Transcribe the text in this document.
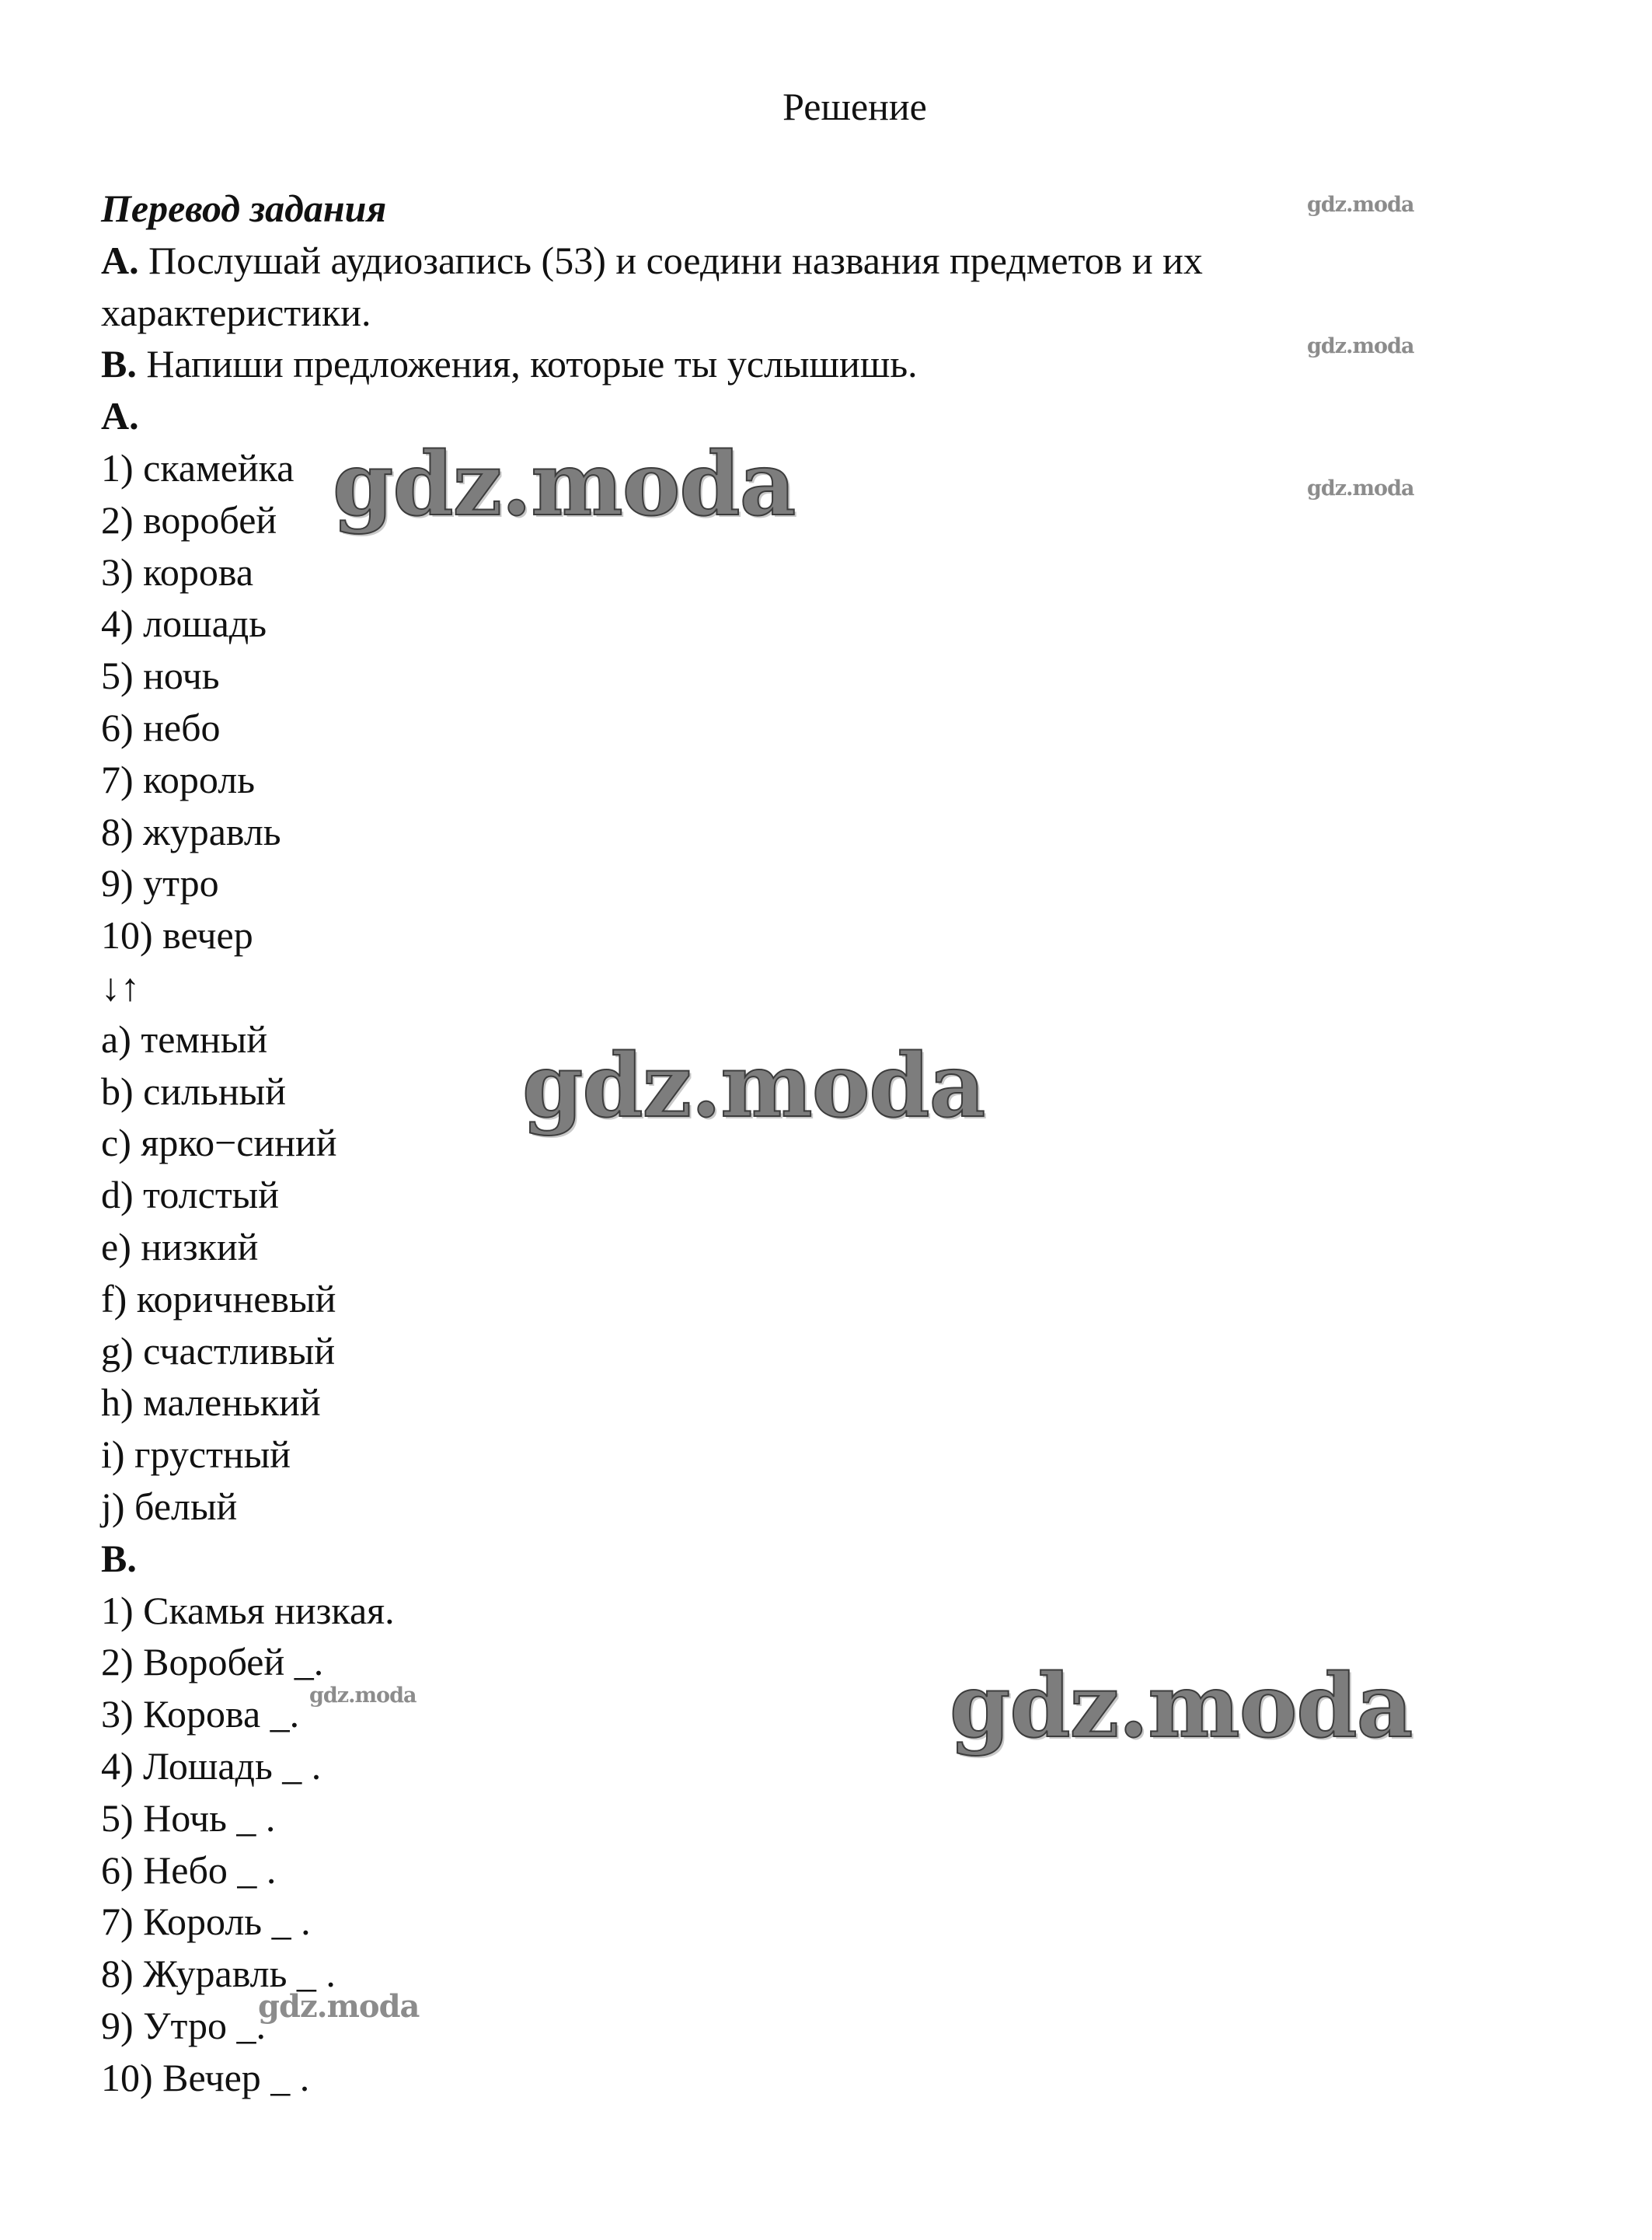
Решение
Перевод задания
A. Послушай аудиозапись (53) и соедини названия предметов и их характеристики.
B. Напиши предложения, которые ты услышишь.
A.
1) скамейка
2) воробей
3) корова
4) лошадь
5) ночь
6) небо
7) король
8) журавль
9) утро
10) вечер
↓↑
a) темный
b) сильный
c) ярко−синий
d) толстый
e) низкий
f) коричневый
g) счастливый
h) маленький
i) грустный
j) белый
B.
1) Скамья низкая.
2) Воробей _.
3) Корова _.
4) Лошадь _ .
5) Ночь _ .
6) Небо _ .
7) Король _ .
8) Журавль _ .
9) Утро _.
10) Вечер _ .
gdz.moda
gdz.moda
gdz.moda
gdz.moda
gdz.moda
gdz.moda
gdz.moda
gdz.moda
